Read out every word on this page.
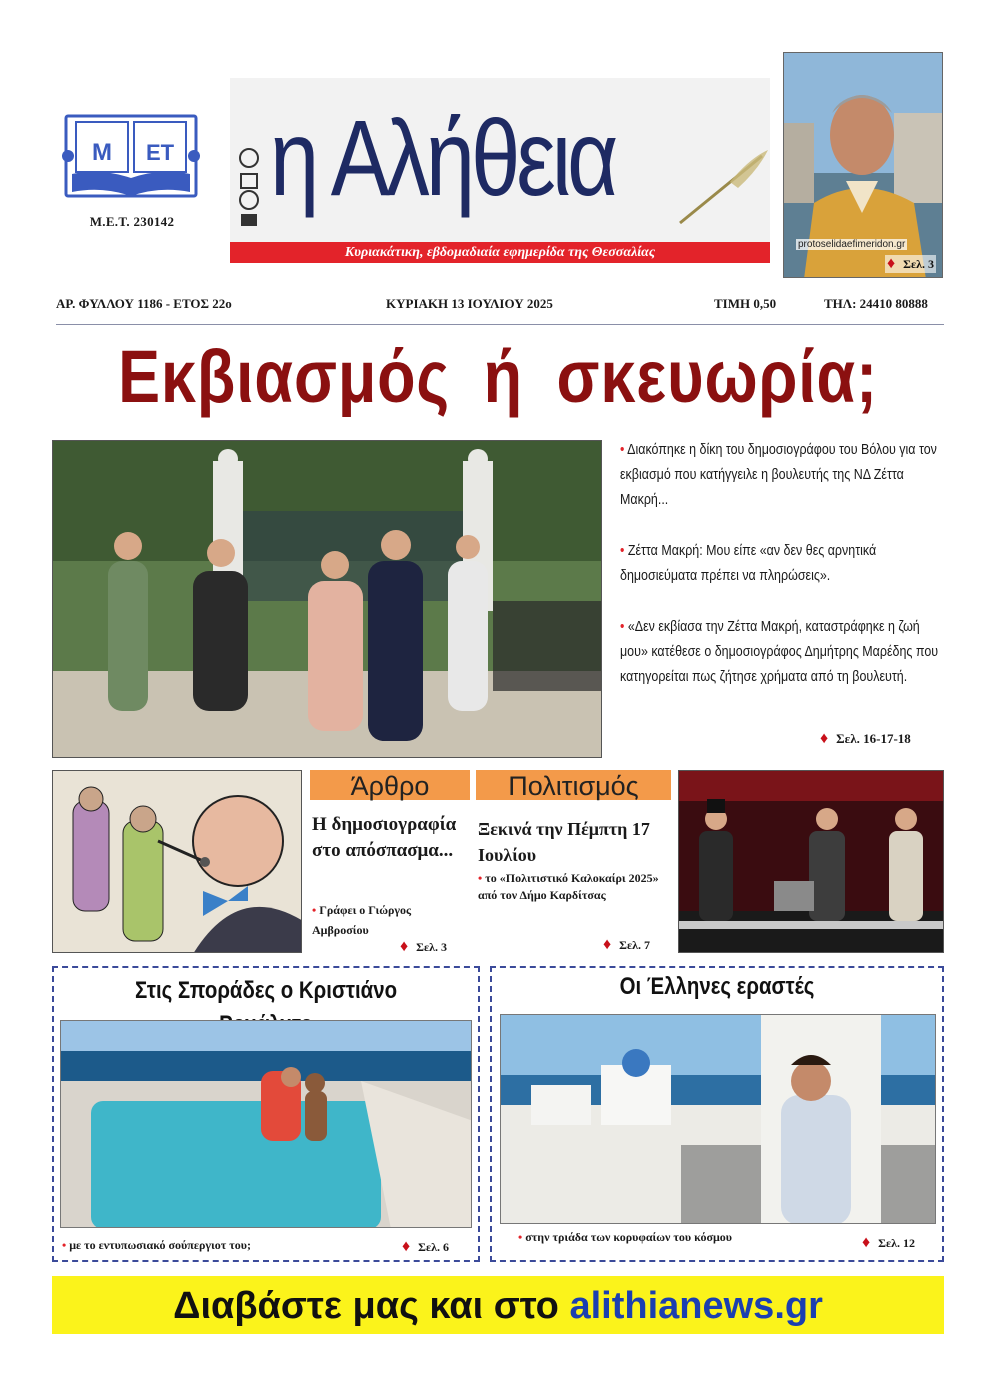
M ET
Μ.Ε.Τ. 230142
η Αλήθεια
Κυριακάτικη, εβδομαδιαία εφημερίδα της Θεσσαλίας
protoselidaefimeridon.gr
♦ Σελ. 3
ΑΡ. ΦΥΛΛΟΥ 1186 - ΕΤΟΣ 22ο	ΚΥΡΙΑΚΗ 13 ΙΟΥΛΙΟΥ 2025	ΤΙΜΗ 0,50	ΤΗΛ: 24410 80888
Εκβιασμός ή σκευωρία;
• Διακόπηκε η δίκη του δημοσιογράφου του Βόλου για τον εκβιασμό που κατήγγειλε η βουλευτής της ΝΔ Ζέττα Μακρή...
• Ζέττα Μακρή: Μου είπε «αν δεν θες αρνητικά δημοσιεύματα πρέπει να πληρώσεις».
• «Δεν εκβίασα την Ζέττα Μακρή, καταστράφηκε η ζωή μου» κατέθεσε ο δημοσιογράφος Δημήτρης Μαρέδης που κατηγορείται πως ζήτησε χρήματα από τη βουλευτή.
♦ Σελ. 16-17-18
Άρθρο
Η δημοσιογραφία στο απόσπασμα...
• Γράφει ο Γιώργος Αμβροσίου
♦ Σελ. 3
Πολιτισμός
Ξεκινά την Πέμπτη 17 Ιουλίου
• το «Πολιτιστικό Καλοκαίρι 2025» από τον Δήμο Καρδίτσας
♦ Σελ. 7
Στις Σποράδες ο Κριστιάνο
• με το εντυπωσιακό σούπεργιοτ του;	♦ Σελ. 6
Οι Έλληνες εραστές
• στην τριάδα των κορυφαίων του κόσμου	♦ Σελ. 12
Διαβάστε μας και στο alithianews.gr
